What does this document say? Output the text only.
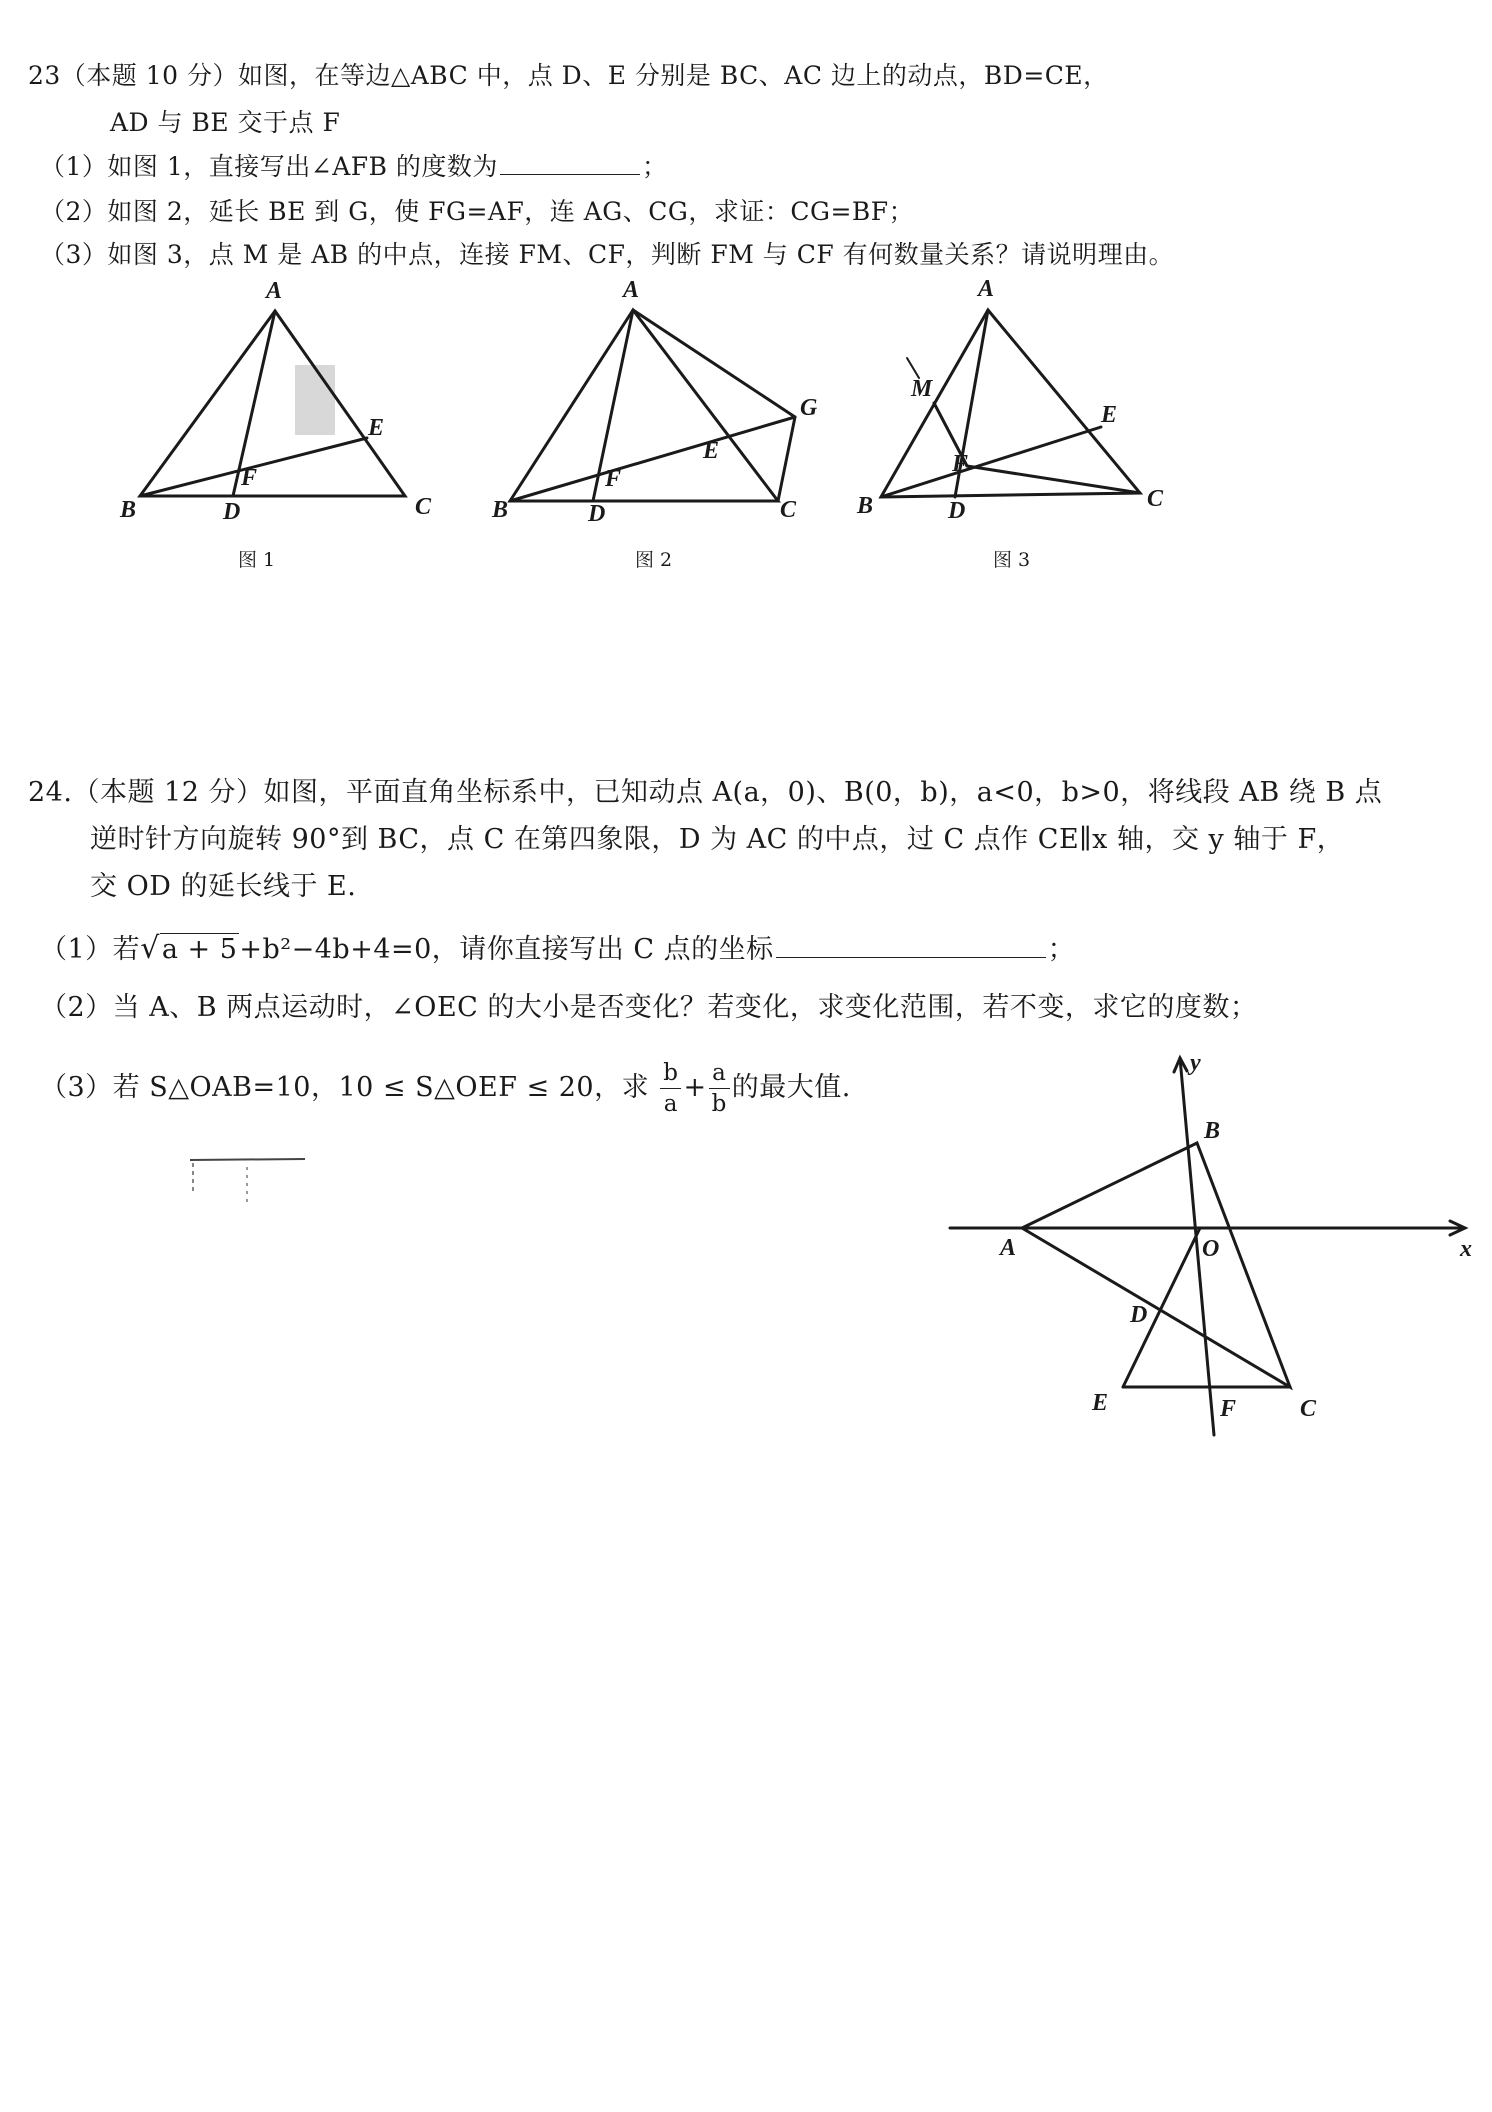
23（本题 10 分）如图，在等边△ABC 中，点 D、E 分别是 BC、AC 边上的动点，BD=CE，
AD 与 BE 交于点 F
（1）如图 1，直接写出∠AFB 的度数为	；
（2）如图 2，延长 BE 到 G，使 FG=AF，连 AG、CG，求证：CG=BF；
（3）如图 3，点 M 是 AB 的中点，连接 FM、CF，判断 FM 与 CF 有何数量关系？请说明理由。
A
B	C
D
E
F
图 1
A
B	C
D
E
F
G
图 2
A
B	C
D
E
F
M
图 3
24.（本题 12 分）如图，平面直角坐标系中，已知动点 A(a，0)、B(0，b)，a<0，b>0，将线段 AB 绕 B 点
逆时针方向旋转 90°到 BC，点 C 在第四象限，D 为 AC 的中点，过 C 点作 CE∥x 轴，交 y 轴于 F，
交 OD 的延长线于 E.
（1）若√a + 5+b²−4b+4=0，请你直接写出 C 点的坐标	；
（2）当 A、B 两点运动时，∠OEC 的大小是否变化？若变化，求变化范围，若不变，求它的度数；
（3）若 S△OAB=10，10 ≤ S△OEF ≤ 20，求 $\frac{b}{a} + \frac{a}{b}$ 的最大值.
y
B
A	O	x
D
E	F	C
